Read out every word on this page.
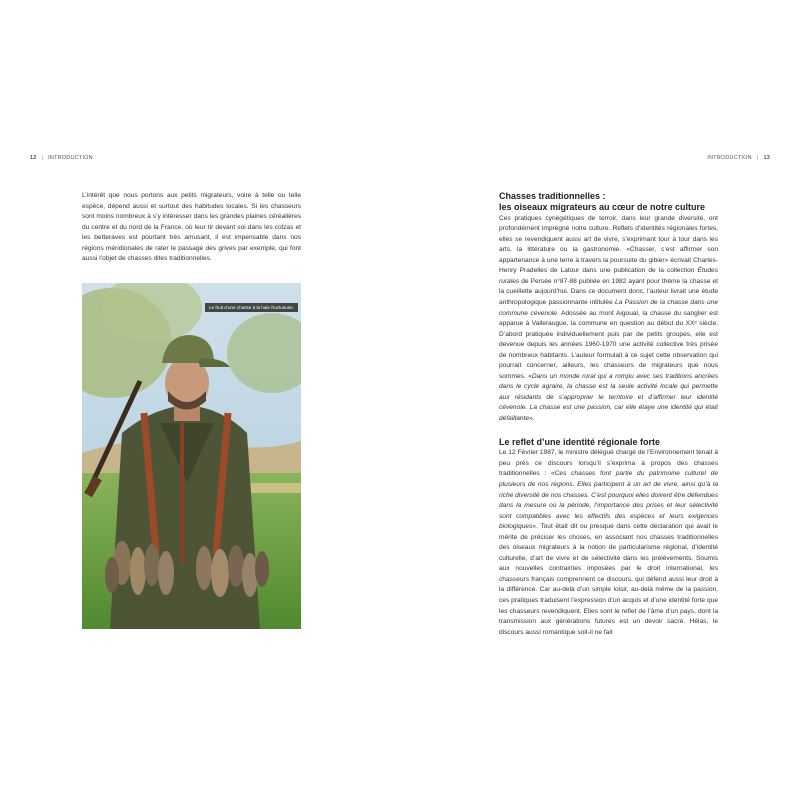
12 | INTRODUCTION	INTRODUCTION | 13

L’intérêt que nous portons aux petits migrateurs, voire à telle ou telle espèce, dépend aussi et surtout des habitudes locales. Si les chasseurs sont moins nombreux à s’y intéresser dans les grandes plaines céréalières du centre et du nord de la France, où leur tir devant soi dans les colzas et les betteraves est pourtant très amusant, il est impensable dans nos régions méridionales de rater le passage des grives par exemple, qui font aussi l’objet de chasses dites traditionnelles.

Le fruit d’une chasse à la haie fructueuse.
Chasses traditionnelles :
les oiseaux migrateurs au cœur de notre culture

Ces pratiques cynégétiques de terroir, dans leur grande diversité, ont profondément imprégné notre culture. Reflets d’identités régionales fortes, elles se revendiquent aussi art de vivre, s’exprimant tour à tour dans les arts, la littérature ou la gastronomie. «Chasser, c’est affirmer son appartenance à une terre à travers la poursuite du gibier» écrivait Charles-Henry Pradelles de Latour dans une publication de la collection Études rurales de Persée n°87-88 publiée en 1982 ayant pour thème la chasse et la cueillette aujourd’hui. Dans ce document donc, l’auteur livrait une étude anthropologique passionnante intitulée La Passion de la chasse dans une commune cévenole. Adossée au mont Aigoual, la chasse du sanglier est apparue à Valleraugue, la commune en question au début du XXᵉ siècle. D’abord pratiquée individuellement puis par de petits groupes, elle est devenue depuis les années 1960-1970 une activité collective très prisée de nombreux habitants. L’auteur formulait à ce sujet cette observation qui pourrait concerner, ailleurs, les chasseurs de migrateurs que nous sommes. «Dans un monde rural qui a rompu avec ses traditions ancrées dans le cycle agraire, la chasse est la seule activité locale qui permette aux résidants de s’approprier le territoire et d’affirmer leur identité cévenole. La chasse est une passion, car elle étaye une identité qui était défaillante».

Le reflet d’une identité régionale forte

Le 12 Février 1987, le ministre délégué chargé de l’Environnement tenait à peu près ce discours lorsqu’il s’exprima à propos des chasses traditionnelles : «Ces chasses font partie du patrimoine culturel de plusieurs de nos régions. Elles participent à un art de vivre, ainsi qu’à la riche diversité de nos chasses. C’est pourquoi elles doivent être défendues dans la mesure où la période, l’importance des prises et leur sélectivité sont compatibles avec les effectifs des espèces et leurs exigences biologiques». Tout était dit ou presque dans cette déclaration qui avait le mérite de préciser les choses, en associant nos chasses traditionnelles des oiseaux migrateurs à la notion de particularisme régional, d’identité culturelle, d’art de vivre et de sélectivité dans les prélèvements. Soumis aux nouvelles contraintes imposées par le droit international, les chasseurs français comprennent ce discours, qui défend aussi leur droit à la différence. Car au-delà d’un simple loisir, au-delà même de la passion, ces pratiques traduisent l’expression d’un acquis et d’une identité forte que les chasseurs revendiquent. Elles sont le reflet de l’âme d’un pays, dont la transmission aux générations futures est un devoir sacré. Hélas, le discours aussi romantique soit-il ne fait
